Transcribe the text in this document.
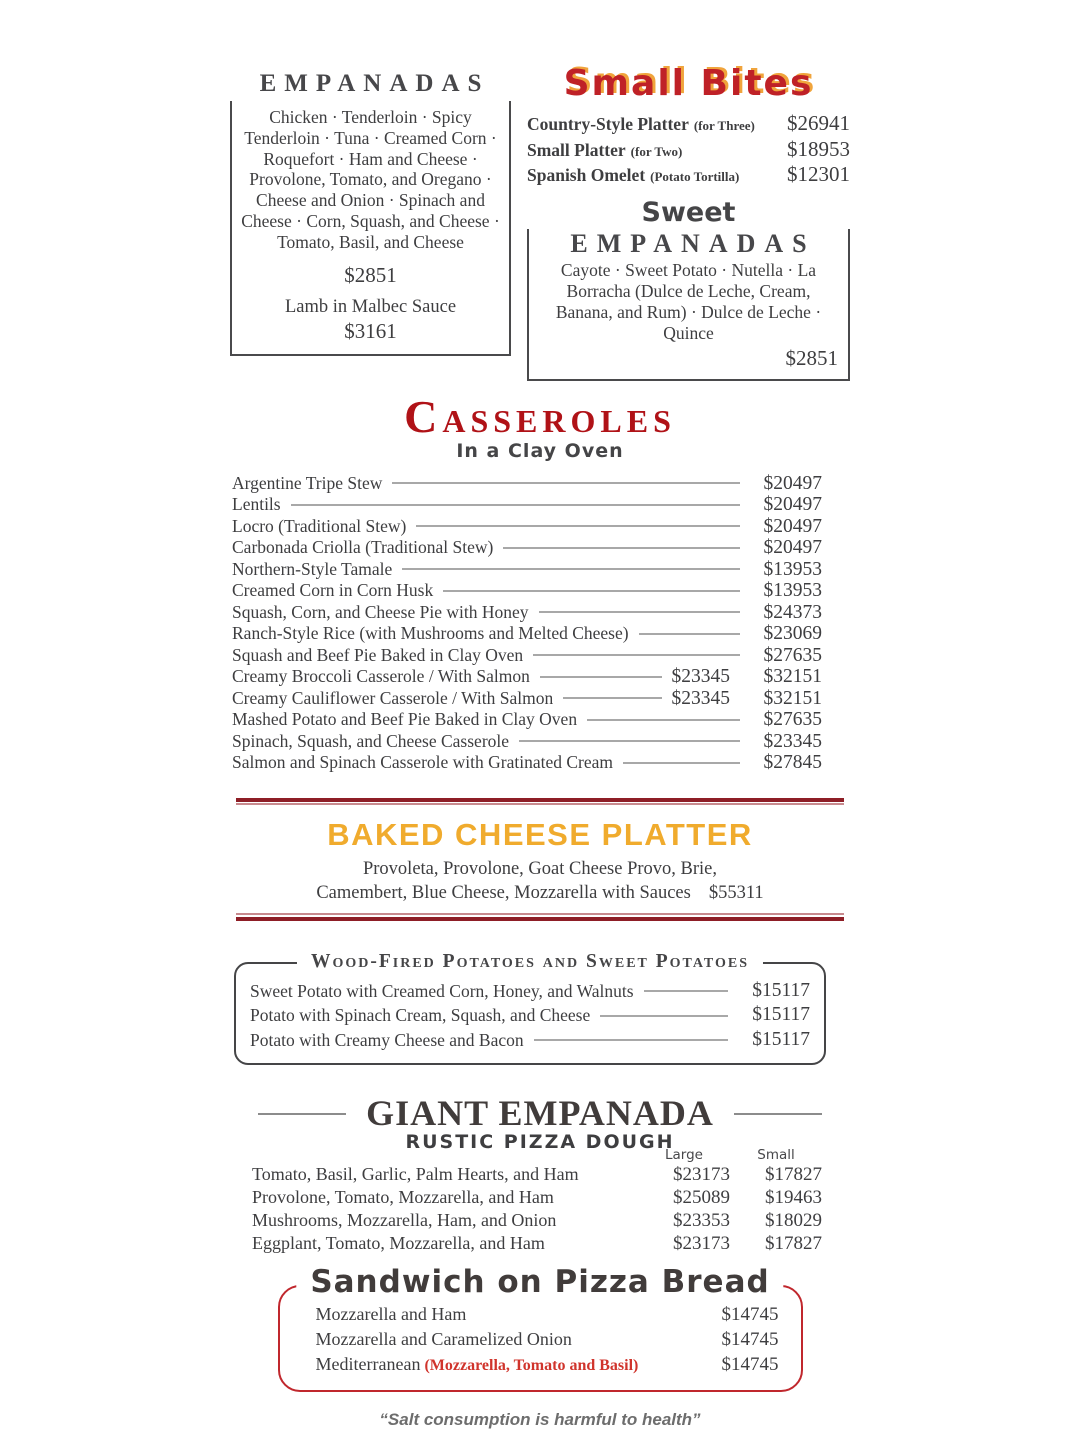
EMPANADAS
Chicken · Tenderloin · Spicy Tenderloin · Tuna · Creamed Corn · Roquefort · Ham and Cheese · Provolone, Tomato, and Oregano · Cheese and Onion · Spinach and Cheese · Corn, Squash, and Cheese · Tomato, Basil, and Cheese
$2851
Lamb in Malbec Sauce
$3161
Small Bites
Country-Style Platter (for Three) $26941
Small Platter (for Two)	$18953
Spanish Omelet (Potato Tortilla) $12301
Sweet
EMPANADAS
Cayote · Sweet Potato · Nutella · La Borracha (Dulce de Leche, Cream, Banana, and Rum) · Dulce de Leche · Quince
$2851
Casseroles
In a Clay Oven
Argentine Tripe Stew	$20497
Lentils	$20497
Locro (Traditional Stew)	$20497
Carbonada Criolla (Traditional Stew)	$20497
Northern-Style Tamale	$13953
Creamed Corn in Corn Husk	$13953
Squash, Corn, and Cheese Pie with Honey	$24373
Ranch-Style Rice (with Mushrooms and Melted Cheese)	$23069
Squash and Beef Pie Baked in Clay Oven	$27635
Creamy Broccoli Casserole / With Salmon	$23345	$32151
Creamy Cauliflower Casserole / With Salmon	$23345	$32151
Mashed Potato and Beef Pie Baked in Clay Oven	$27635
Spinach, Squash, and Cheese Casserole	$23345
Salmon and Spinach Casserole with Gratinated Cream	$27845
BAKED CHEESE PLATTER
Provoleta, Provolone, Goat Cheese Provo, Brie,
Camembert, Blue Cheese, Mozzarella with Sauces $55311
Wood-Fired Potatoes and Sweet Potatoes
Sweet Potato with Creamed Corn, Honey, and Walnuts	$15117
Potato with Spinach Cream, Squash, and Cheese	$15117
Potato with Creamy Cheese and Bacon	$15117
GIANT EMPANADA
RUSTIC PIZZA DOUGH
Large	Small
Tomato, Basil, Garlic, Palm Hearts, and Ham	$23173	$17827
Provolone, Tomato, Mozzarella, and Ham	$25089	$19463
Mushrooms, Mozzarella, Ham, and Onion	$23353	$18029
Eggplant, Tomato, Mozzarella, and Ham	$23173	$17827
Sandwich on Pizza Bread
Mozzarella and Ham	$14745
Mozzarella and Caramelized Onion	$14745
Mediterranean (Mozzarella, Tomato and Basil)	$14745
“Salt consumption is harmful to health”
